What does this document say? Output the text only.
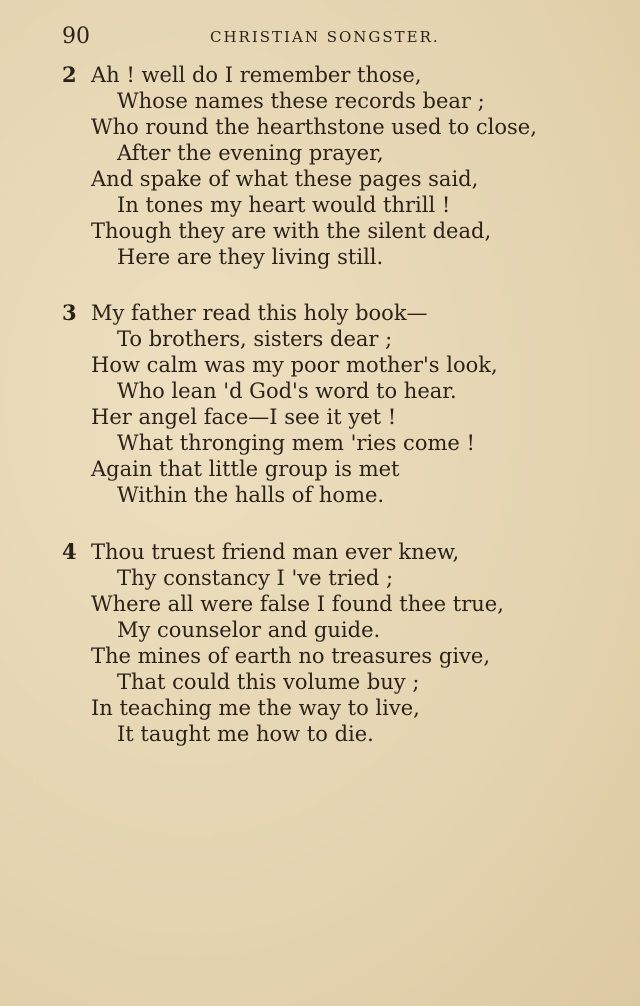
90	CHRISTIAN SONGSTER.
2 Ah ! well do I remember those,
Whose names these records bear ;
Who round the hearthstone used to close,
After the evening prayer,
And spake of what these pages said,
In tones my heart would thrill !
Though they are with the silent dead,
Here are they living still.
3 My father read this holy book—
To brothers, sisters dear ;
How calm was my poor mother's look,
Who lean 'd God's word to hear.
Her angel face—I see it yet !
What thronging mem 'ries come !
Again that little group is met
Within the halls of home.
4 Thou truest friend man ever knew,
Thy constancy I 've tried ;
Where all were false I found thee true,
My counselor and guide.
The mines of earth no treasures give,
That could this volume buy ;
In teaching me the way to live,
It taught me how to die.
